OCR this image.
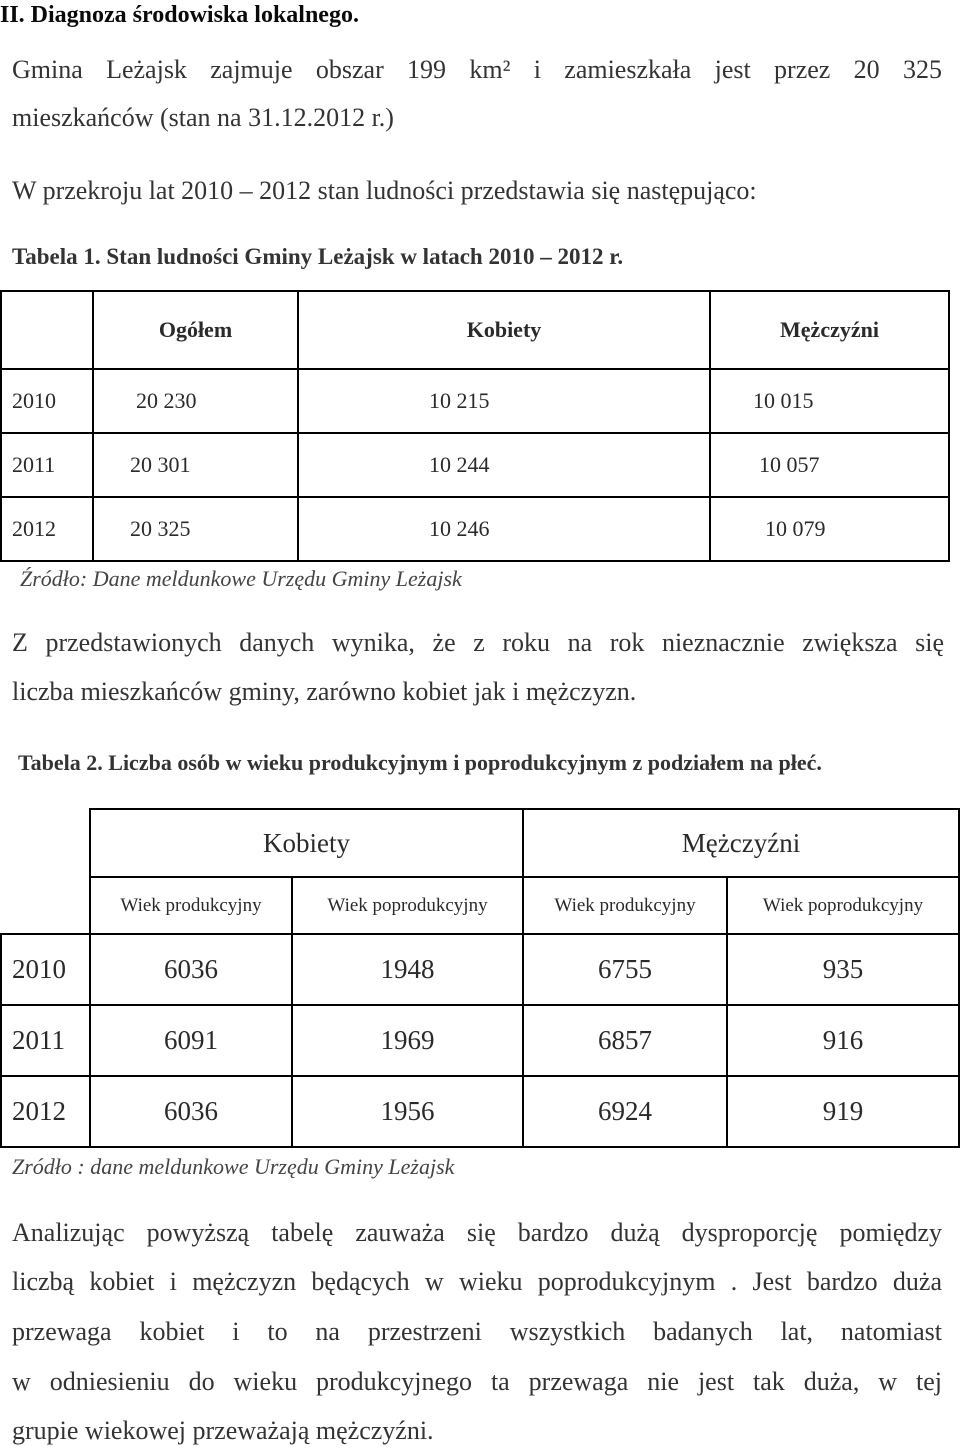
II. Diagnoza środowiska lokalnego.
Gmina Leżajsk zajmuje obszar 199 km² i zamieszkała jest przez 20 325
mieszkańców (stan na 31.12.2012 r.)
W przekroju lat 2010 – 2012 stan ludności przedstawia się następująco:
Tabela 1. Stan ludności Gminy Leżajsk w latach 2010 – 2012 r.
	Ogółem	Kobiety	Mężczyźni
2010	20 230	10 215	10 015
2011	20 301	10 244	10 057
2012	20 325	10 246	10 079
Źródło: Dane meldunkowe Urzędu Gminy Leżajsk
Z przedstawionych danych wynika, że z roku na rok nieznacznie zwiększa się
liczba mieszkańców gminy, zarówno kobiet jak i mężczyzn.
Tabela 2. Liczba osób w wieku produkcyjnym i poprodukcyjnym z podziałem na płeć.
	Kobiety		Mężczyźni	
	Wiek produkcyjny	Wiek poprodukcyjny	Wiek produkcyjny	Wiek poprodukcyjny
2010	6036	1948	6755	935
2011	6091	1969	6857	916
2012	6036	1956	6924	919
Zródło : dane meldunkowe Urzędu Gminy Leżajsk
Analizując powyższą tabelę zauważa się bardzo dużą dysproporcję pomiędzy
liczbą kobiet i mężczyzn będących w wieku poprodukcyjnym . Jest bardzo duża
przewaga kobiet i to na przestrzeni wszystkich badanych lat, natomiast
w odniesieniu do wieku produkcyjnego ta przewaga nie jest tak duża, w tej
grupie wiekowej przeważają mężczyźni.
